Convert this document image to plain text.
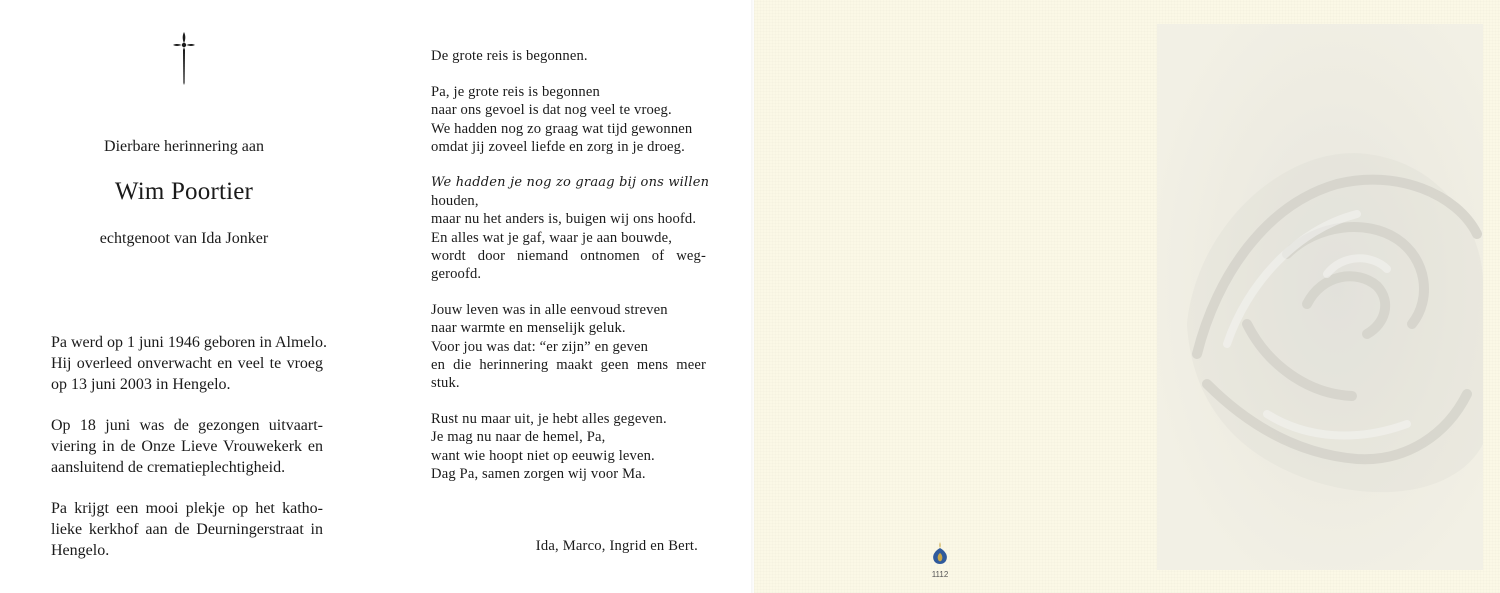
Dierbare herinnering aan
Wim Poortier
echtgenoot van Ida Jonker

Pa werd op 1 juni 1946 geboren in Almelo.
Hij overleed onverwacht en veel te vroeg
op 13 juni 2003 in Hengelo.

Op 18 juni was de gezongen uitvaart-
viering in de Onze Lieve Vrouwekerk en
aansluitend de crematieplechtigheid.

Pa krijgt een mooi plekje op het katho-
lieke kerkhof aan de Deurningerstraat in
Hengelo.

De grote reis is begonnen.
Pa, je grote reis is begonnen
naar ons gevoel is dat nog veel te vroeg.
We hadden nog zo graag wat tijd gewonnen
omdat jij zoveel liefde en zorg in je droeg.
We hadden je nog zo graag bij ons willen
houden,
maar nu het anders is, buigen wij ons hoofd.
En alles wat je gaf, waar je aan bouwde,
wordt door niemand ontnomen of weg-
geroofd.
Jouw leven was in alle eenvoud streven
naar warmte en menselijk geluk.
Voor jou was dat: “er zijn” en geven
en die herinnering maakt geen mens meer
stuk.
Rust nu maar uit, je hebt alles gegeven.
Je mag nu naar de hemel, Pa,
want wie hoopt niet op eeuwig leven.
Dag Pa, samen zorgen wij voor Ma.
Ida, Marco, Ingrid en Bert.
1112
